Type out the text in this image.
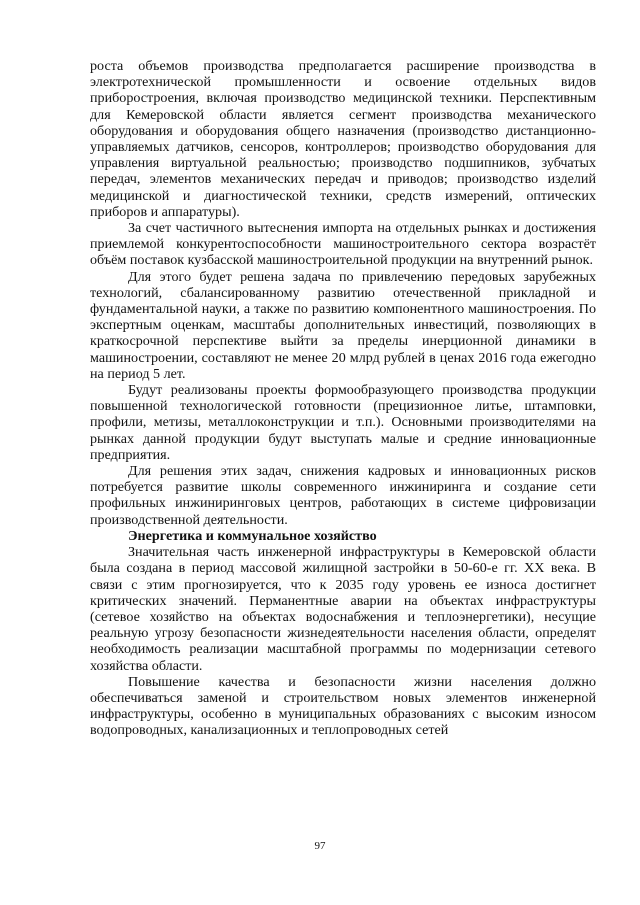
роста объемов производства предполагается расширение производства в электротехнической промышленности и освоение отдельных видов приборостроения, включая производство медицинской техники. Перспективным для Кемеровской области является сегмент производства механического оборудования и оборудования общего назначения (производство дистанционно-управляемых датчиков, сенсоров, контроллеров; производство оборудования для управления виртуальной реальностью; производство подшипников, зубчатых передач, элементов механических передач и приводов; производство изделий медицинской и диагностической техники, средств измерений, оптических приборов и аппаратуры).

За счет частичного вытеснения импорта на отдельных рынках и достижения приемлемой конкурентоспособности машиностроительного сектора возрастёт объём поставок кузбасской машиностроительной продукции на внутренний рынок.

Для этого будет решена задача по привлечению передовых зарубежных технологий, сбалансированному развитию отечественной прикладной и фундаментальной науки, а также по развитию компонентного машиностроения. По экспертным оценкам, масштабы дополнительных инвестиций, позволяющих в краткосрочной перспективе выйти за пределы инерционной динамики в машиностроении, составляют не менее 20 млрд рублей в ценах 2016 года ежегодно на период 5 лет.

Будут реализованы проекты формообразующего производства продукции повышенной технологической готовности (прецизионное литье, штамповки, профили, метизы, металлоконструкции и т.п.). Основными производителями на рынках данной продукции будут выступать малые и средние инновационные предприятия.

Для решения этих задач, снижения кадровых и инновационных рисков потребуется развитие школы современного инжиниринга и создание сети профильных инжиниринговых центров, работающих в системе цифровизации производственной деятельности.

Энергетика и коммунальное хозяйство

Значительная часть инженерной инфраструктуры в Кемеровской области была создана в период массовой жилищной застройки в 50-60-е гг. XX века. В связи с этим прогнозируется, что к 2035 году уровень ее износа достигнет критических значений. Перманентные аварии на объектах инфраструктуры (сетевое хозяйство на объектах водоснабжения и теплоэнергетики), несущие реальную угрозу безопасности жизнедеятельности населения области, определят необходимость реализации масштабной программы по модернизации сетевого хозяйства области.

Повышение качества и безопасности жизни населения должно обеспечиваться заменой и строительством новых элементов инженерной инфраструктуры, особенно в муниципальных образованиях с высоким износом водопроводных, канализационных и теплопроводных сетей

97
